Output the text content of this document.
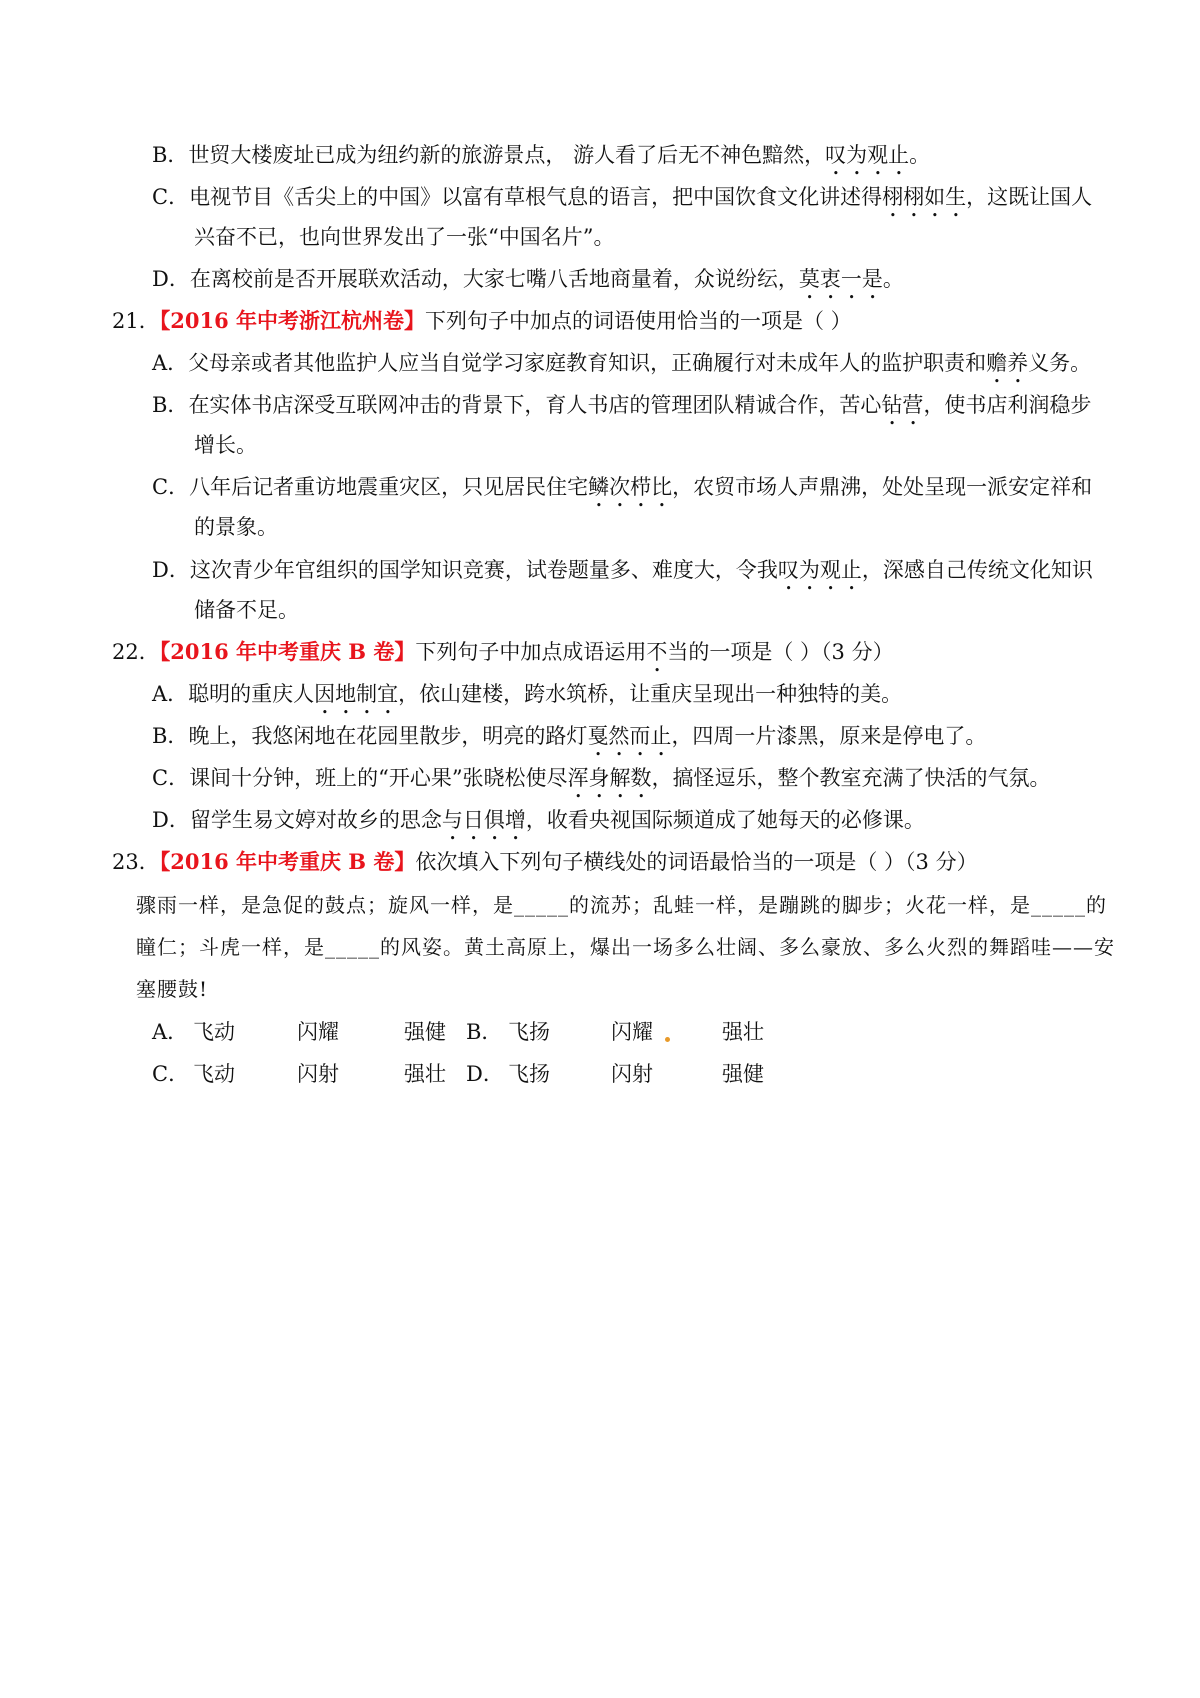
B．世贸大楼废址已成为纽约新的旅游景点， 游人看了后无不神色黯然，叹为观止。
C．电视节目《舌尖上的中国》以富有草根气息的语言，把中国饮食文化讲述得栩栩如生，这既让国人
兴奋不已，也向世界发出了一张“中国名片”。
D．在离校前是否开展联欢活动，大家七嘴八舌地商量着，众说纷纭，莫衷一是。
21．【2016 年中考浙江杭州卷】下列句子中加点的词语使用恰当的一项是（ ）
A．父母亲或者其他监护人应当自觉学习家庭教育知识，正确履行对未成年人的监护职责和赡养义务。
B．在实体书店深受互联网冲击的背景下，育人书店的管理团队精诚合作，苦心钻营，使书店利润稳步
增长。
C．八年后记者重访地震重灾区，只见居民住宅鳞次栉比，农贸市场人声鼎沸，处处呈现一派安定祥和
的景象。
D．这次青少年官组织的国学知识竞赛，试卷题量多、难度大，令我叹为观止，深感自己传统文化知识
储备不足。
22．【2016 年中考重庆 B 卷】下列句子中加点成语运用不当的一项是（ ）（3 分）
A．聪明的重庆人因地制宜，依山建楼，跨水筑桥，让重庆呈现出一种独特的美。
B．晚上，我悠闲地在花园里散步，明亮的路灯戛然而止，四周一片漆黑，原来是停电了。
C．课间十分钟，班上的“开心果”张晓松使尽浑身解数，搞怪逗乐，整个教室充满了快活的气氛。
D．留学生易文婷对故乡的思念与日俱增，收看央视国际频道成了她每天的必修课。
23．【2016 年中考重庆 B 卷】依次填入下列句子横线处的词语最恰当的一项是（ ）（3 分）
骤雨一样，是急促的鼓点；旋风一样，是_____的流苏；乱蛙一样，是蹦跳的脚步；火花一样，是_____的
瞳仁；斗虎一样，是_____的风姿。黄土高原上，爆出一场多么壮阔、多么豪放、多么火烈的舞蹈哇——安
塞腰鼓!
A． 飞动	闪耀	强健 B． 飞扬	闪耀	强壮
C． 飞动	闪射	强壮 D． 飞扬	闪射	强健
